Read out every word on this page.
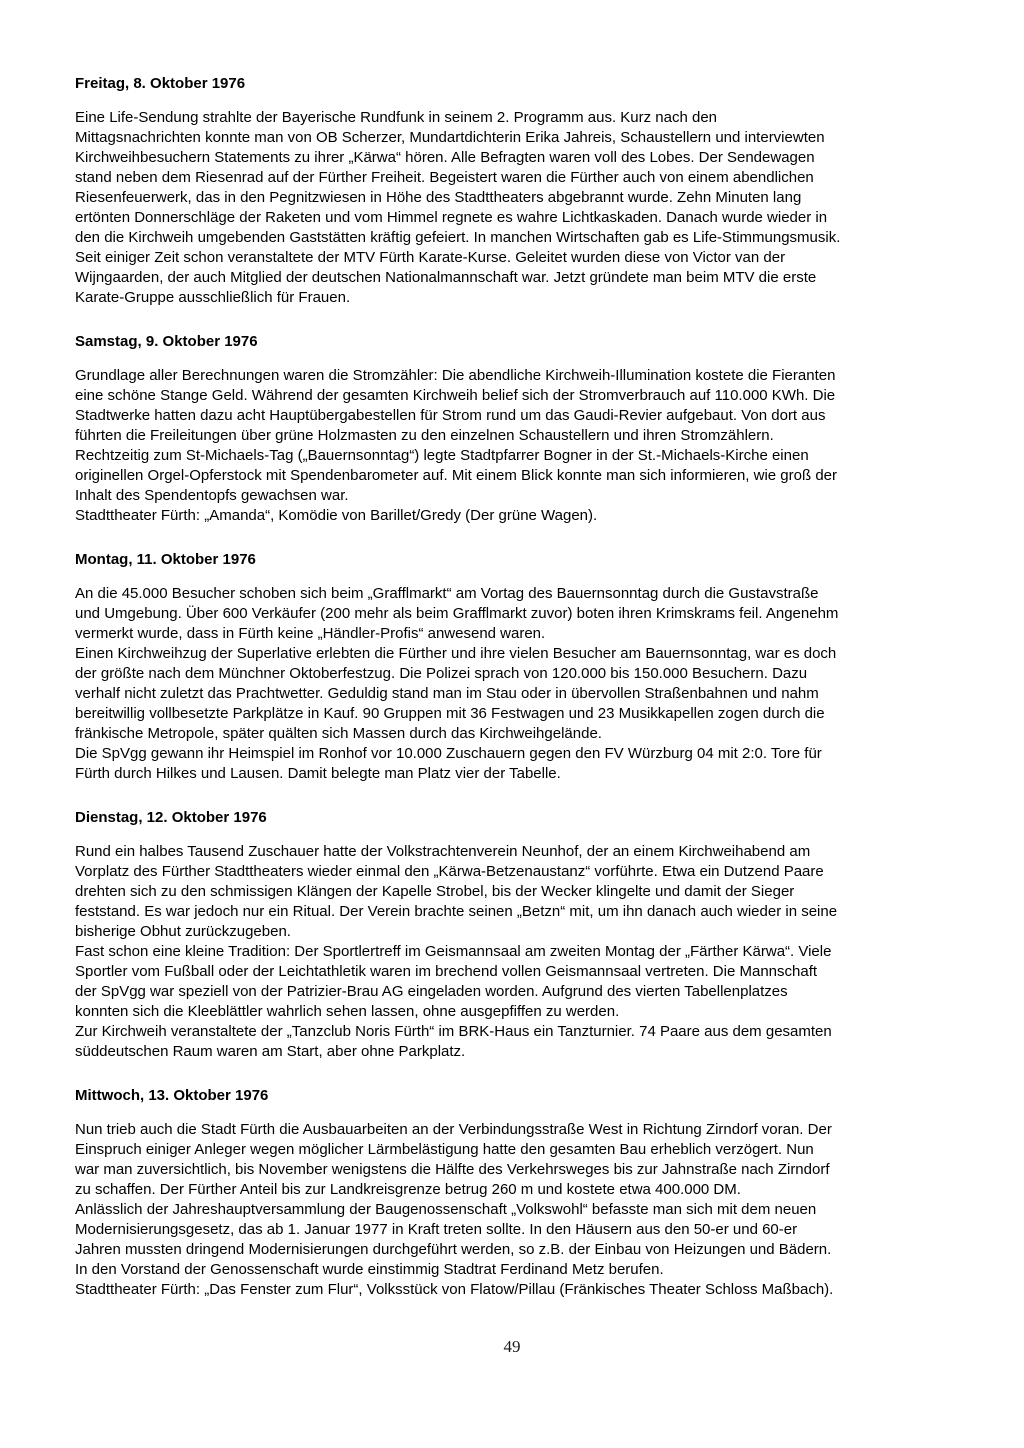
Freitag, 8. Oktober 1976
Eine Life-Sendung strahlte der Bayerische Rundfunk in seinem 2. Programm aus. Kurz nach den
Mittagsnachrichten konnte man von OB Scherzer, Mundartdichterin Erika Jahreis, Schaustellern und interviewten
Kirchweihbesuchern Statements zu ihrer „Kärwa“ hören. Alle Befragten waren voll des Lobes. Der Sendewagen
stand neben dem Riesenrad auf der Fürther Freiheit. Begeistert waren die Fürther auch von einem abendlichen
Riesenfeuerwerk, das in den Pegnitzwiesen in Höhe des Stadttheaters abgebrannt wurde. Zehn Minuten lang
ertönten Donnerschläge der Raketen und vom Himmel regnete es wahre Lichtkaskaden. Danach wurde wieder in
den die Kirchweih umgebenden Gaststätten kräftig gefeiert. In manchen Wirtschaften gab es Life-Stimmungsmusik.
Seit einiger Zeit schon veranstaltete der MTV Fürth Karate-Kurse. Geleitet wurden diese von Victor van der
Wijngaarden, der auch Mitglied der deutschen Nationalmannschaft war. Jetzt gründete man beim MTV die erste
Karate-Gruppe ausschließlich für Frauen.
Samstag, 9. Oktober 1976
Grundlage aller Berechnungen waren die Stromzähler: Die abendliche Kirchweih-Illumination kostete die Fieranten
eine schöne Stange Geld. Während der gesamten Kirchweih belief sich der Stromverbrauch auf 110.000 KWh. Die
Stadtwerke hatten dazu acht Hauptübergabestellen für Strom rund um das Gaudi-Revier aufgebaut. Von dort aus
führten die Freileitungen über grüne Holzmasten zu den einzelnen Schaustellern und ihren Stromzählern.
Rechtzeitig zum St-Michaels-Tag („Bauernsonntag“) legte Stadtpfarrer Bogner in der St.-Michaels-Kirche einen
originellen Orgel-Opferstock mit Spendenbarometer auf. Mit einem Blick konnte man sich informieren, wie groß der
Inhalt des Spendentopfs gewachsen war.
Stadttheater Fürth: „Amanda“, Komödie von Barillet/Gredy (Der grüne Wagen).
Montag, 11. Oktober 1976
An die 45.000 Besucher schoben sich beim „Grafflmarkt“ am Vortag des Bauernsonntag durch die Gustavstraße
und Umgebung. Über 600 Verkäufer (200 mehr als beim Grafflmarkt zuvor) boten ihren Krimskrams feil. Angenehm
vermerkt wurde, dass in Fürth keine „Händler-Profis“ anwesend waren.
Einen Kirchweihzug der Superlative erlebten die Fürther und ihre vielen Besucher am Bauernsonntag, war es doch
der größte nach dem Münchner Oktoberfestzug. Die Polizei sprach von 120.000 bis 150.000 Besuchern. Dazu
verhalf nicht zuletzt das Prachtwetter. Geduldig stand man im Stau oder in übervollen Straßenbahnen und nahm
bereitwillig vollbesetzte Parkplätze in Kauf. 90 Gruppen mit 36 Festwagen und 23 Musikkapellen zogen durch die
fränkische Metropole, später quälten sich Massen durch das Kirchweihgelände.
Die SpVgg gewann ihr Heimspiel im Ronhof vor 10.000 Zuschauern gegen den FV Würzburg 04 mit 2:0. Tore für
Fürth durch Hilkes und Lausen. Damit belegte man Platz vier der Tabelle.
Dienstag, 12. Oktober 1976
Rund ein halbes Tausend Zuschauer hatte der Volkstrachtenverein Neunhof, der an einem Kirchweihabend am
Vorplatz des Fürther Stadttheaters wieder einmal den „Kärwa-Betzenaustanz“ vorführte. Etwa ein Dutzend Paare
drehten sich zu den schmissigen Klängen der Kapelle Strobel, bis der Wecker klingelte und damit der Sieger
feststand. Es war jedoch nur ein Ritual. Der Verein brachte seinen „Betzn“ mit, um ihn danach auch wieder in seine
bisherige Obhut zurückzugeben.
Fast schon eine kleine Tradition: Der Sportlertreff im Geismannsaal am zweiten Montag der „Färther Kärwa“. Viele
Sportler vom Fußball oder der Leichtathletik waren im brechend vollen Geismannsaal vertreten. Die Mannschaft
der SpVgg war speziell von der Patrizier-Brau AG eingeladen worden. Aufgrund des vierten Tabellenplatzes
konnten sich die Kleeblättler wahrlich sehen lassen, ohne ausgepfiffen zu werden.
Zur Kirchweih veranstaltete der „Tanzclub Noris Fürth“ im BRK-Haus ein Tanzturnier. 74 Paare aus dem gesamten
süddeutschen Raum waren am Start, aber ohne Parkplatz.
Mittwoch, 13. Oktober 1976
Nun trieb auch die Stadt Fürth die Ausbauarbeiten an der Verbindungsstraße West in Richtung Zirndorf voran. Der
Einspruch einiger Anleger wegen möglicher Lärmbelästigung hatte den gesamten Bau erheblich verzögert. Nun
war man zuversichtlich, bis November wenigstens die Hälfte des Verkehrsweges bis zur Jahnstraße nach Zirndorf
zu schaffen. Der Fürther Anteil bis zur Landkreisgrenze betrug 260 m und kostete etwa 400.000 DM.
Anlässlich der Jahreshauptversammlung der Baugenossenschaft „Volkswohl“ befasste man sich mit dem neuen
Modernisierungsgesetz, das ab 1. Januar 1977 in Kraft treten sollte. In den Häusern aus den 50-er und 60-er
Jahren mussten dringend Modernisierungen durchgeführt werden, so z.B. der Einbau von Heizungen und Bädern.
In den Vorstand der Genossenschaft wurde einstimmig Stadtrat Ferdinand Metz berufen.
Stadttheater Fürth: „Das Fenster zum Flur“, Volksstück von Flatow/Pillau (Fränkisches Theater Schloss Maßbach).
49
